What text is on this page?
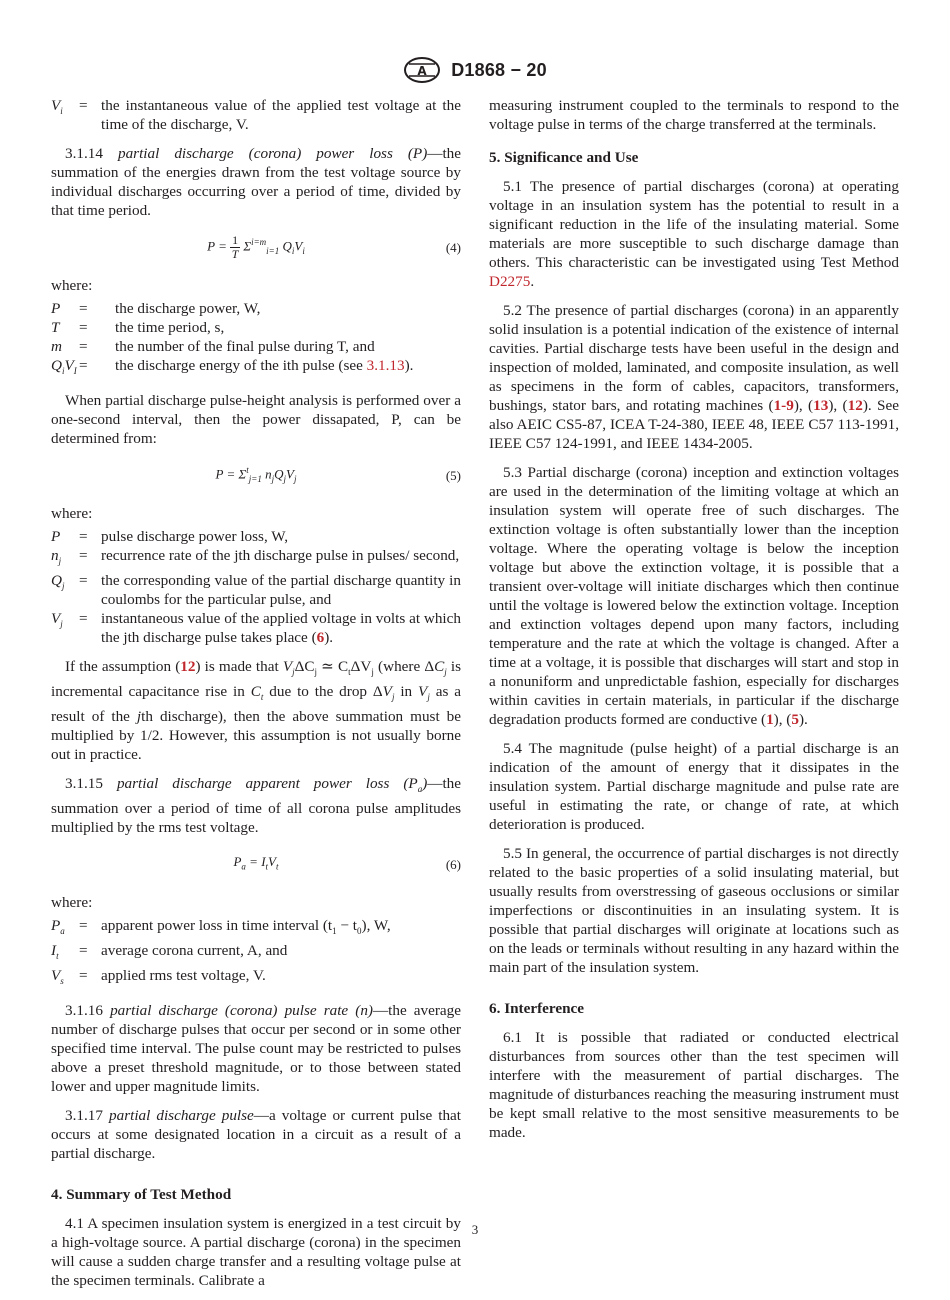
A D1868 − 20
$V_i$	= the instantaneous value of the applied test voltage at the time of the discharge, V.

3.1.14 partial discharge (corona) power loss (P)—the summation of the energies drawn from the test voltage source by individual discharges occurring over a period of time, divided by that time period.

$P = \frac{1}{T} \Sigma^{i=m}_{i=1}$ $Q_iV_i$	(4)
where:
P	=	the discharge power, W,
T	=	the time period, s,
m	=	the number of the final pulse during T, and
$Q_iV_I$ =	the discharge energy of the ith pulse (see 3.1.13).

When partial discharge pulse-height analysis is performed over a one-second interval, then the power dissapated, P, can be determined from:

$P = \Sigma^t_{j=1}$ $n_jQ_jV_j$	(5)
where:
P	= pulse discharge power loss, W,
$n_j$	= recurrence rate of the jth discharge pulse in pulses/ second,
$Q_j$ = the corresponding value of the partial discharge quantity in coulombs for the particular pulse, and
$V_j$	= instantaneous value of the applied voltage in volts at which the jth discharge pulse takes place (6).

If the assumption (12) is made that $V_j\Delta C_j$ ≃ $C_t\Delta V_j$ (where $\Delta C_j$ is incremental capacitance rise in $C_t$ due to the drop $\Delta V_j$ in $V_j$ as a result of the jth discharge), then the above summation must be multiplied by 1/2. However, this assumption is not usually borne out in practice.

3.1.15 partial discharge apparent power loss $(P_a)—the$ summation over a period of time of all corona pulse amplitudes multiplied by the rms test voltage.

$P_a = I_tV_t$	(6)
where:
$P_a$ = apparent power loss in time interval $(t_1 - t_0)$, W,
$I_t$	= average corona current, A, and
$V_s$	= applied rms test voltage, V.

3.1.16 partial discharge (corona) pulse rate (n)—the average number of discharge pulses that occur per second or in some other specified time interval. The pulse count may be restricted to pulses above a preset threshold magnitude, or to those between stated lower and upper magnitude limits.

3.1.17 partial discharge pulse—a voltage or current pulse that occurs at some designated location in a circuit as a result of a partial discharge.

4. Summary of Test Method

4.1 A specimen insulation system is energized in a test circuit by a high-voltage source. A partial discharge (corona) in the specimen will cause a sudden charge transfer and a resulting voltage pulse at the specimen terminals. Calibrate a

measuring instrument coupled to the terminals to respond to the voltage pulse in terms of the charge transferred at the terminals.

5. Significance and Use

5.1 The presence of partial discharges (corona) at operating voltage in an insulation system has the potential to result in a significant reduction in the life of the insulating material. Some materials are more susceptible to such discharge damage than others. This characteristic can be investigated using Test Method D2275.

5.2 The presence of partial discharges (corona) in an apparently solid insulation is a potential indication of the existence of internal cavities. Partial discharge tests have been useful in the design and inspection of molded, laminated, and composite insulation, as well as specimens in the form of cables, capacitors, transformers, bushings, stator bars, and rotating machines (1-9), (13), (12). See also AEIC CS5-87, ICEA T-24-380, IEEE 48, IEEE C57 113-1991, IEEE C57 124-1991, and IEEE 1434-2005.

5.3 Partial discharge (corona) inception and extinction voltages are used in the determination of the limiting voltage at which an insulation system will operate free of such discharges. The extinction voltage is often substantially lower than the inception voltage. Where the operating voltage is below the inception voltage but above the extinction voltage, it is possible that a transient over-voltage will initiate discharges which then continue until the voltage is lowered below the extinction voltage. Inception and extinction voltages depend upon many factors, including temperature and the rate at which the voltage is changed. After a time at a voltage, it is possible that discharges will start and stop in a nonuniform and unpredictable fashion, especially for discharges within cavities in certain materials, in particular if the discharge degradation products formed are conductive (1), (5).

5.4 The magnitude (pulse height) of a partial discharge is an indication of the amount of energy that it dissipates in the insulation system. Partial discharge magnitude and pulse rate are useful in estimating the rate, or change of rate, at which deterioration is produced.

5.5 In general, the occurrence of partial discharges is not directly related to the basic properties of a solid insulating material, but usually results from overstressing of gaseous occlusions or similar imperfections or discontinuities in an insulating system. It is possible that partial discharges will originate at locations such as on the leads or terminals without resulting in any hazard within the main part of the insulation system.

6. Interference

6.1 It is possible that radiated or conducted electrical disturbances from sources other than the test specimen will interfere with the measurement of partial discharges. The magnitude of disturbances reaching the measuring instrument must be kept small relative to the most sensitive measurements to be made.

3
